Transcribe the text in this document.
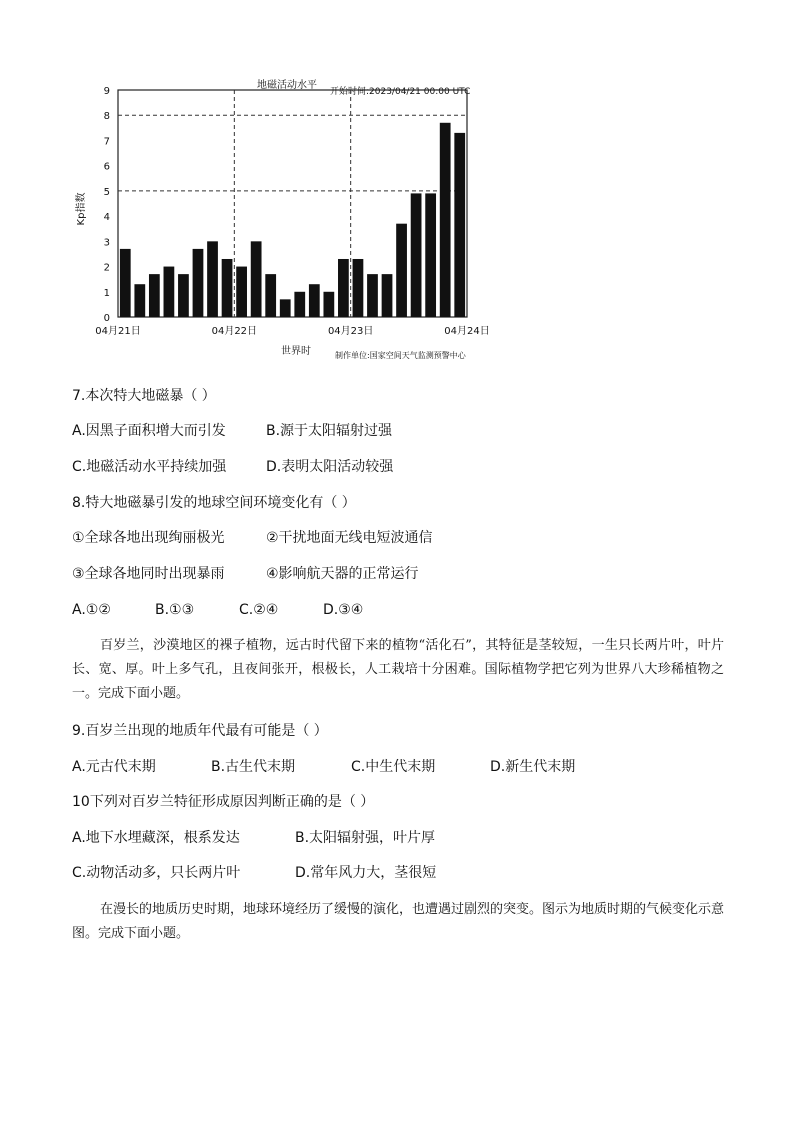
地磁活动水平
开始时间:2023/04/21 00:00 UTC
0
1
2
3
4
5
6
7
8
9
04月21日	04月22日	04月23日	04月24日
Kp指数
世界时	制作单位:国家空间天气监测预警中心
7.本次特大地磁暴（ ）
A.因黑子面积增大而引发	B.源于太阳辐射过强
C.地磁活动水平持续加强	D.表明太阳活动较强
8.特大地磁暴引发的地球空间环境变化有（ ）
①全球各地出现绚丽极光	②干扰地面无线电短波通信
③全球各地同时出现暴雨	④影响航天器的正常运行
A.①②	B.①③	C.②④	D.③④
百岁兰，沙漠地区的裸子植物，远古时代留下来的植物“活化石”，其特征是茎较短，一生只长两片叶，叶片长、宽、厚。叶上多气孔，且夜间张开，根极长，人工栽培十分困难。国际植物学把它列为世界八大珍稀植物之一。完成下面小题。
9.百岁兰出现的地质年代最有可能是（ ）
A.元古代末期	B.古生代末期	C.中生代末期	D.新生代末期
10下列对百岁兰特征形成原因判断正确的是（ ）
A.地下水埋藏深，根系发达	B.太阳辐射强，叶片厚
C.动物活动多，只长两片叶	D.常年风力大，茎很短
在漫长的地质历史时期，地球环境经历了缓慢的演化，也遭遇过剧烈的突变。图示为地质时期的气候变化示意图。完成下面小题。
